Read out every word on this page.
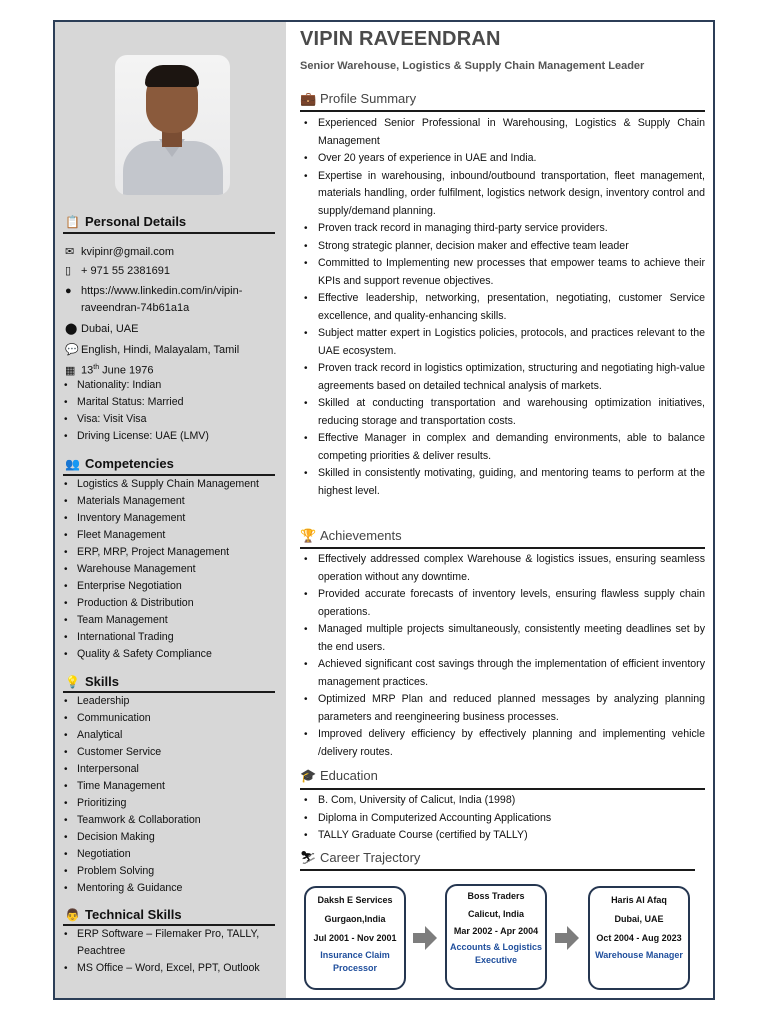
📋 Personal Details
✉ kvipinr@gmail.com
▯ + 971 55 2381691
● https://www.linkedin.com/in/vipin-
raveendran-74b61a1a
⬤ Dubai, UAE
💬 English, Hindi, Malayalam, Tamil
▦ 13th June 1976
• Nationality: Indian
• Marital Status: Married
• Visa: Visit Visa
• Driving License: UAE (LMV)
👥 Competencies
• Logistics & Supply Chain Management
• Materials Management
• Inventory Management
• Fleet Management
• ERP, MRP, Project Management
• Warehouse Management
• Enterprise Negotiation
• Production & Distribution
• Team Management
• International Trading
• Quality & Safety Compliance
💡 Skills
• Leadership
• Communication
• Analytical
• Customer Service
• Interpersonal
• Time Management
• Prioritizing
• Teamwork & Collaboration
• Decision Making
• Negotiation
• Problem Solving
• Mentoring & Guidance
👨 Technical Skills
• ERP Software – Filemaker Pro, TALLY,
Peachtree
• MS Office – Word, Excel, PPT, Outlook
VIPIN RAVEENDRAN
Senior Warehouse, Logistics & Supply Chain Management Leader
💼 Profile Summary
• Experienced Senior Professional in Warehousing, Logistics & Supply Chain Management
• Over 20 years of experience in UAE and India.
• Expertise in warehousing, inbound/outbound transportation, fleet management, materials handling, order fulfilment, logistics network design, inventory control and supply/demand planning.
• Proven track record in managing third-party service providers.
• Strong strategic planner, decision maker and effective team leader
• Committed to Implementing new processes that empower teams to achieve their KPIs and support revenue objectives.
• Effective leadership, networking, presentation, negotiating, customer Service excellence, and quality-enhancing skills.
• Subject matter expert in Logistics policies, protocols, and practices relevant to the UAE ecosystem.
• Proven track record in logistics optimization, structuring and negotiating high-value agreements based on detailed technical analysis of markets.
• Skilled at conducting transportation and warehousing optimization initiatives, reducing storage and transportation costs.
• Effective Manager in complex and demanding environments, able to balance competing priorities & deliver results.
• Skilled in consistently motivating, guiding, and mentoring teams to perform at the highest level.
🏆 Achievements
• Effectively addressed complex Warehouse & logistics issues, ensuring seamless operation without any downtime.
• Provided accurate forecasts of inventory levels, ensuring flawless supply chain operations.
• Managed multiple projects simultaneously, consistently meeting deadlines set by the end users.
• Achieved significant cost savings through the implementation of efficient inventory management practices.
• Optimized MRP Plan and reduced planned messages by analyzing planning parameters and reengineering business processes.
• Improved delivery efficiency by effectively planning and implementing vehicle /delivery routes.
🎓 Education
• B. Com, University of Calicut, India (1998)
• Diploma in Computerized Accounting Applications
• TALLY Graduate Course (certified by TALLY)
⛷ Career Trajectory
Daksh E Services
Gurgaon,India
Jul 2001 - Nov 2001
Insurance Claim Processor
Boss Traders
Calicut, India
Mar 2002 - Apr 2004
Accounts & Logistics Executive
Haris Al Afaq
Dubai, UAE
Oct 2004 - Aug 2023
Warehouse Manager
